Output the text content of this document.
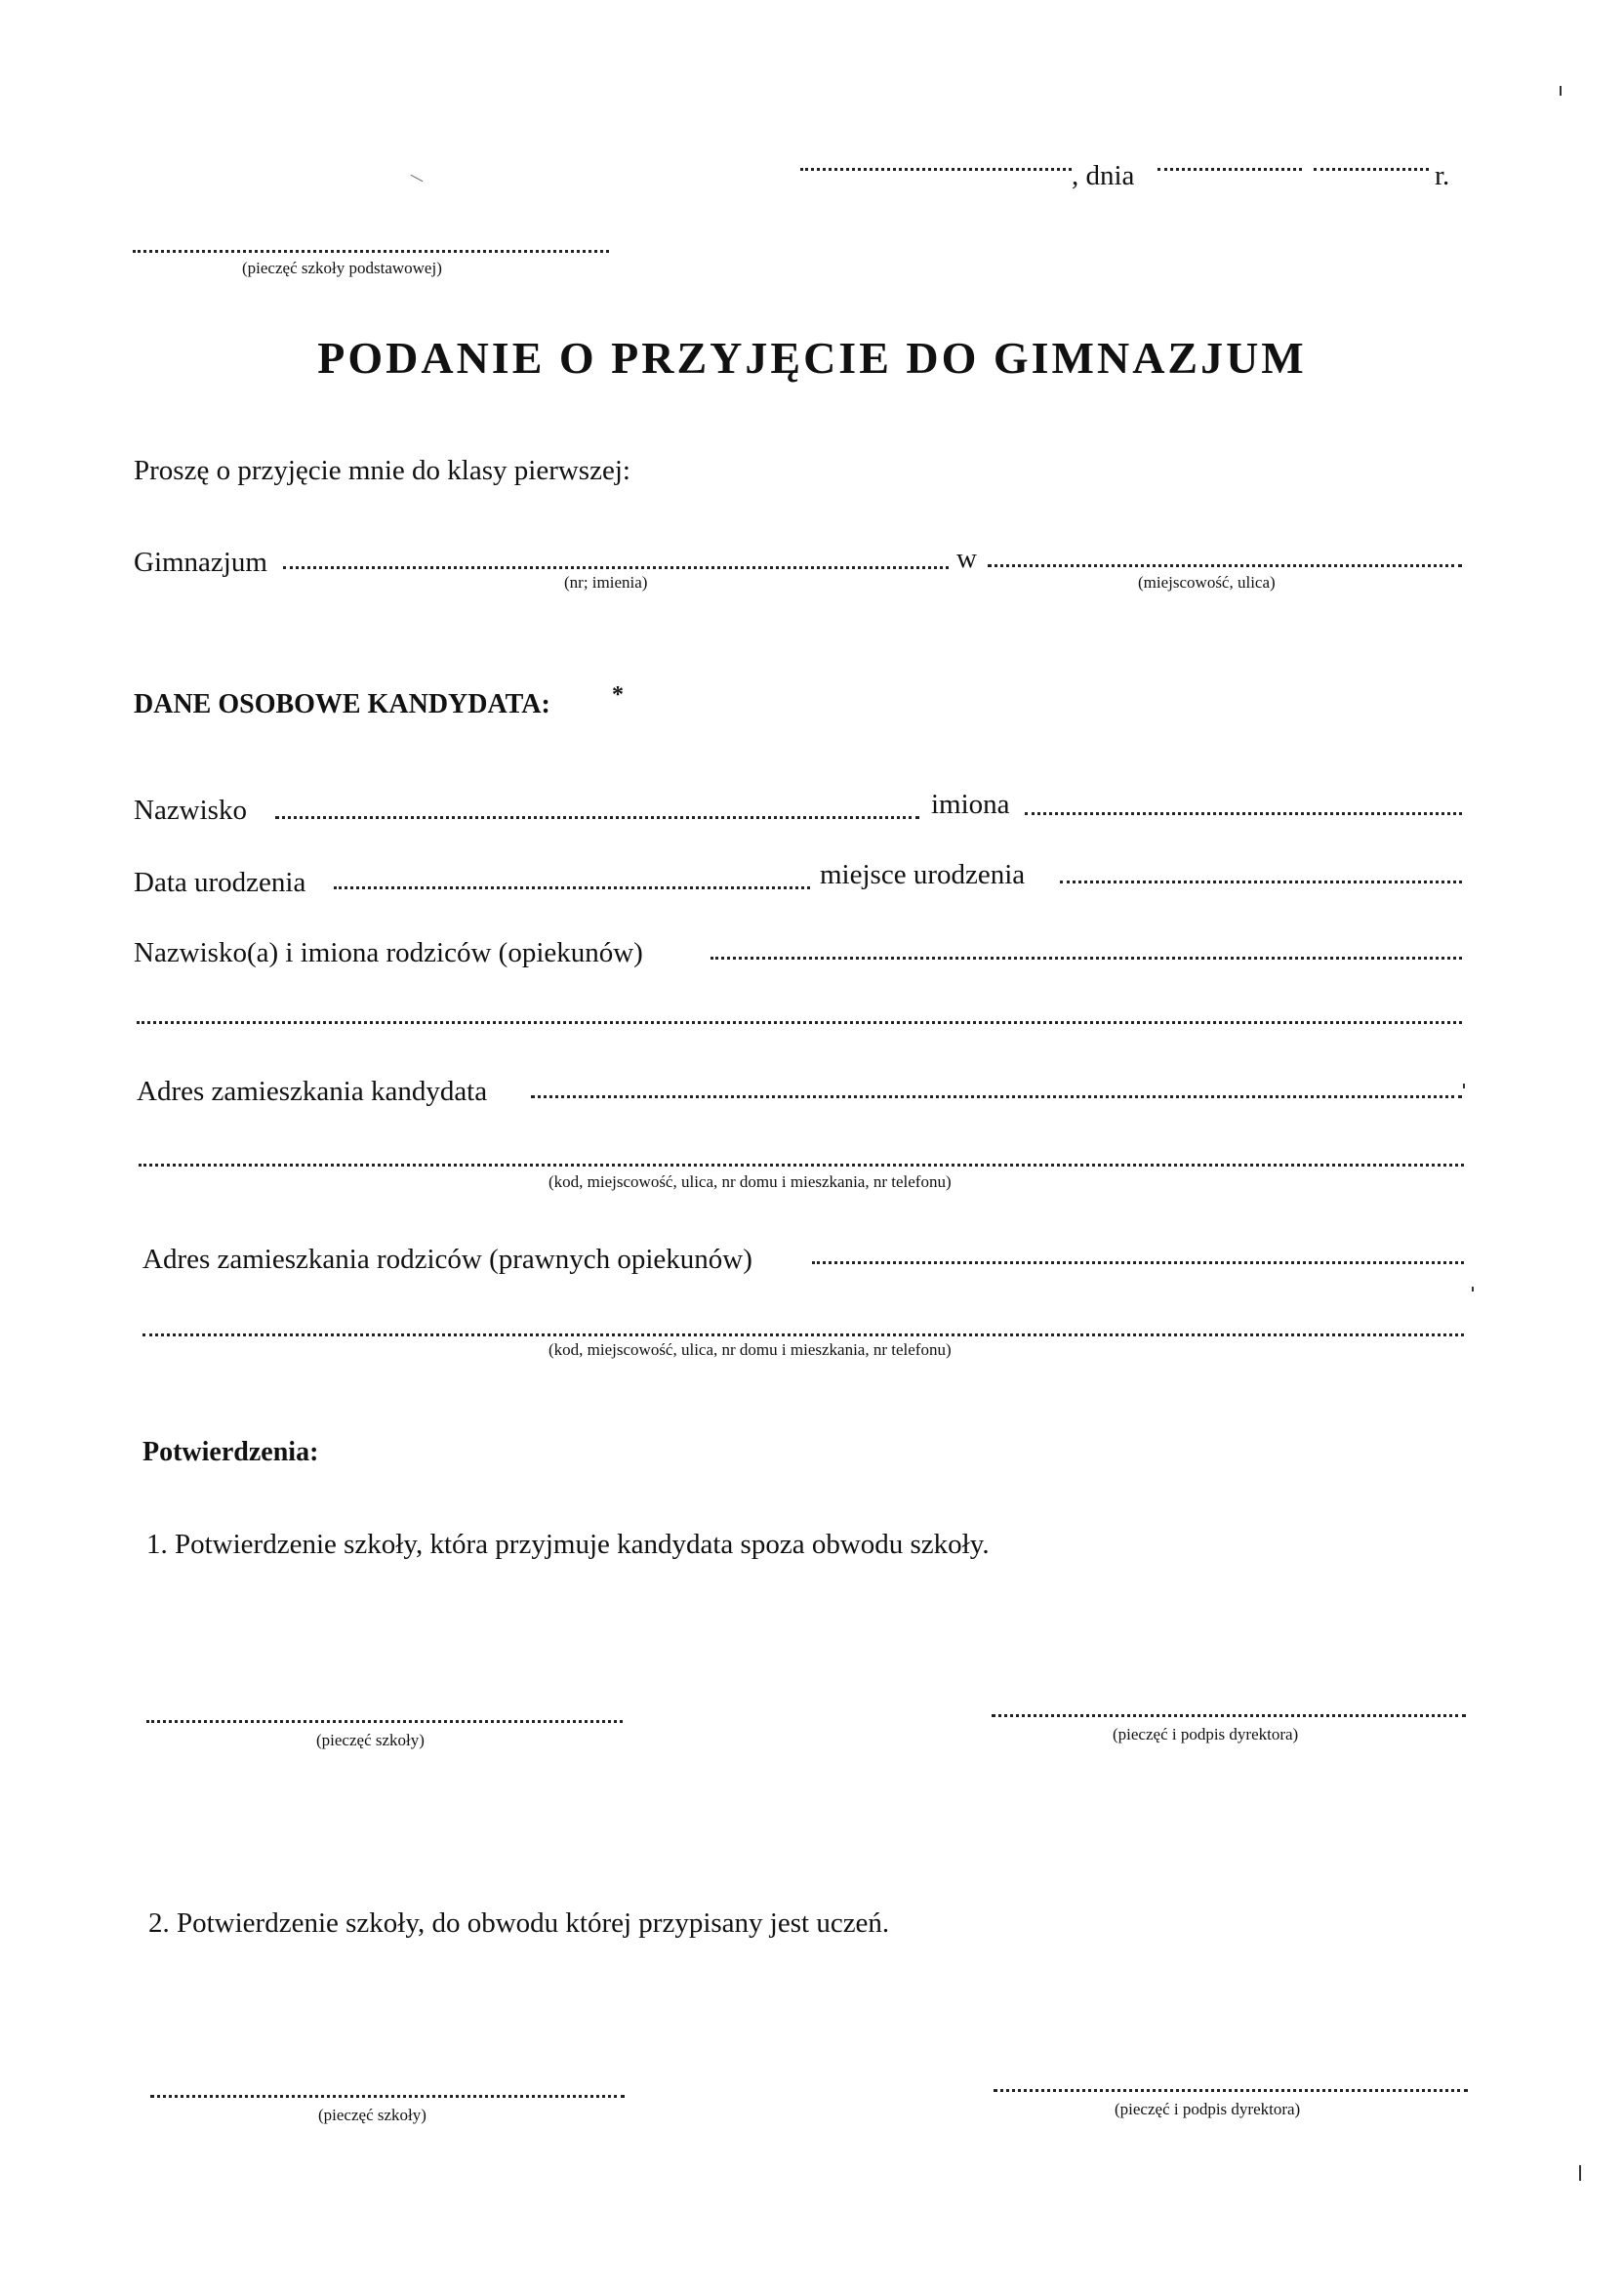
, dnia	r.
(pieczęć szkoły podstawowej)
PODANIE O PRZYJĘCIE DO GIMNAZJUM
Proszę o przyjęcie mnie do klasy pierwszej:
Gimnazjum
(nr; imienia)
w
(miejscowość, ulica)
DANE OSOBOWE KANDYDATA:	*
Nazwisko	imiona
Data urodzenia	miejsce urodzenia
Nazwisko(a) i imiona rodziców (opiekunów)
Adres zamieszkania kandydata
(kod, miejscowość, ulica, nr domu i mieszkania, nr telefonu)
Adres zamieszkania rodziców (prawnych opiekunów)
(kod, miejscowość, ulica, nr domu i mieszkania, nr telefonu)
Potwierdzenia:
1. Potwierdzenie szkoły, która przyjmuje kandydata spoza obwodu szkoły.
(pieczęć szkoły)	(pieczęć i podpis dyrektora)
2. Potwierdzenie szkoły, do obwodu której przypisany jest uczeń.
(pieczęć szkoły)	(pieczęć i podpis dyrektora)
